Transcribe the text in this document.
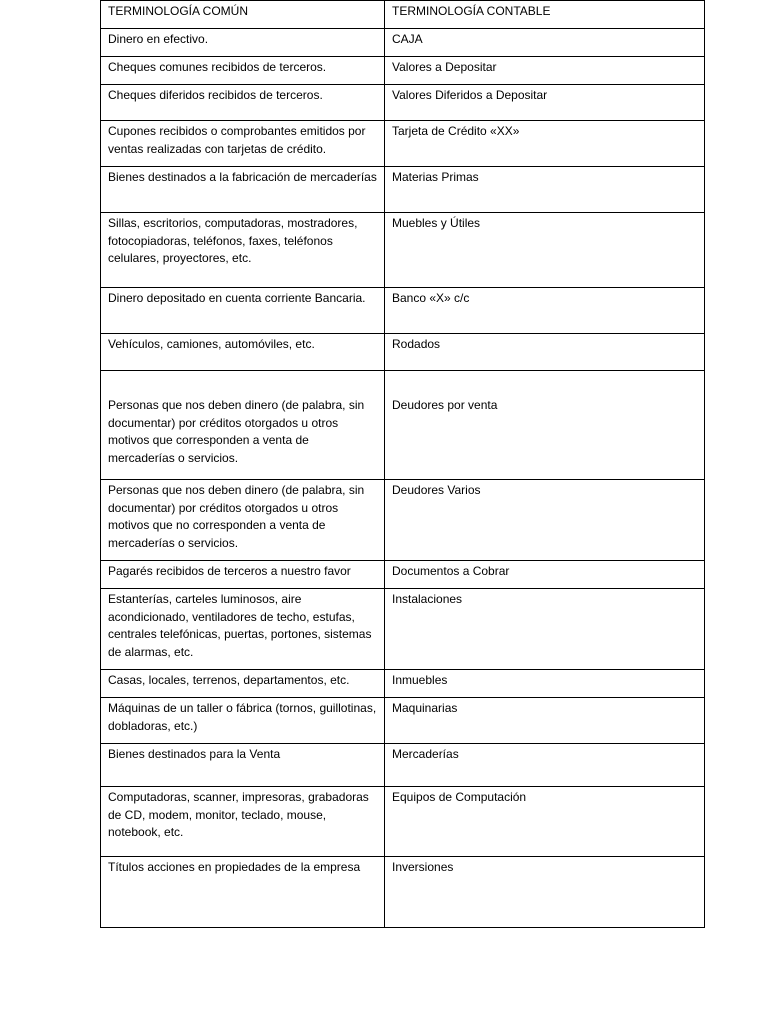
TERMINOLOGÍA COMÚN	TERMINOLOGÍA CONTABLE

Dinero en efectivo.	CAJA

Cheques comunes recibidos de terceros.	Valores a Depositar

Cheques diferidos recibidos de terceros.	Valores Diferidos a Depositar

Cupones recibidos o comprobantes emitidos por ventas realizadas con tarjetas de crédito.	Tarjeta de Crédito «XX»

Bienes destinados a la fabricación de mercaderías	Materias Primas

Sillas, escritorios, computadoras, mostradores, fotocopiadoras, teléfonos, faxes, teléfonos celulares, proyectores, etc.	Muebles y Útiles

Dinero depositado en cuenta corriente Bancaria.	Banco «X» c/c

Vehículos, camiones, automóviles, etc.	Rodados

Personas que nos deben dinero (de palabra, sin documentar) por créditos otorgados u otros motivos que corresponden a venta de mercaderías o servicios.	Deudores por venta

Personas que nos deben dinero (de palabra, sin documentar) por créditos otorgados u otros motivos que no corresponden a venta de mercaderías o servicios.	Deudores Varios

Pagarés recibidos de terceros a nuestro favor	Documentos a Cobrar

Estanterías, carteles luminosos, aire acondicionado, ventiladores de techo, estufas, centrales telefónicas, puertas, portones, sistemas de alarmas, etc.	Instalaciones

Casas, locales, terrenos, departamentos, etc.	Inmuebles

Máquinas de un taller o fábrica (tornos, guillotinas, dobladoras, etc.)	Maquinarias

Bienes destinados para la Venta	Mercaderías

Computadoras, scanner, impresoras, grabadoras de CD, modem, monitor, teclado, mouse, notebook, etc.	Equipos de Computación

Títulos acciones en propiedades de la empresa	Inversiones
